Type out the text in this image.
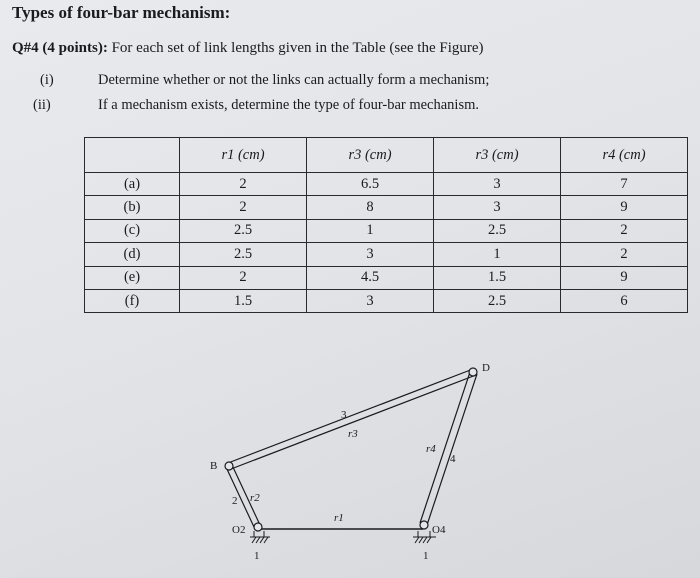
Types of four-bar mechanism:
Q#4 (4 points): For each set of link lengths given in the Table (see the Figure)
(i)	Determine whether or not the links can actually form a mechanism;
(ii)	If a mechanism exists, determine the type of four-bar mechanism.
	r1 (cm)	r3 (cm)	r3 (cm)	r4 (cm)
(a)	2	6.5	3	7
(b)	2	8	3	9
(c)	2.5	1	2.5	2
(d)	2.5	3	1	2
(e)	2	4.5	1.5	9
(f)	1.5	3	2.5	6
B
D
O2	O4
r1
r2
r3
r4
1	1
2
3
4
